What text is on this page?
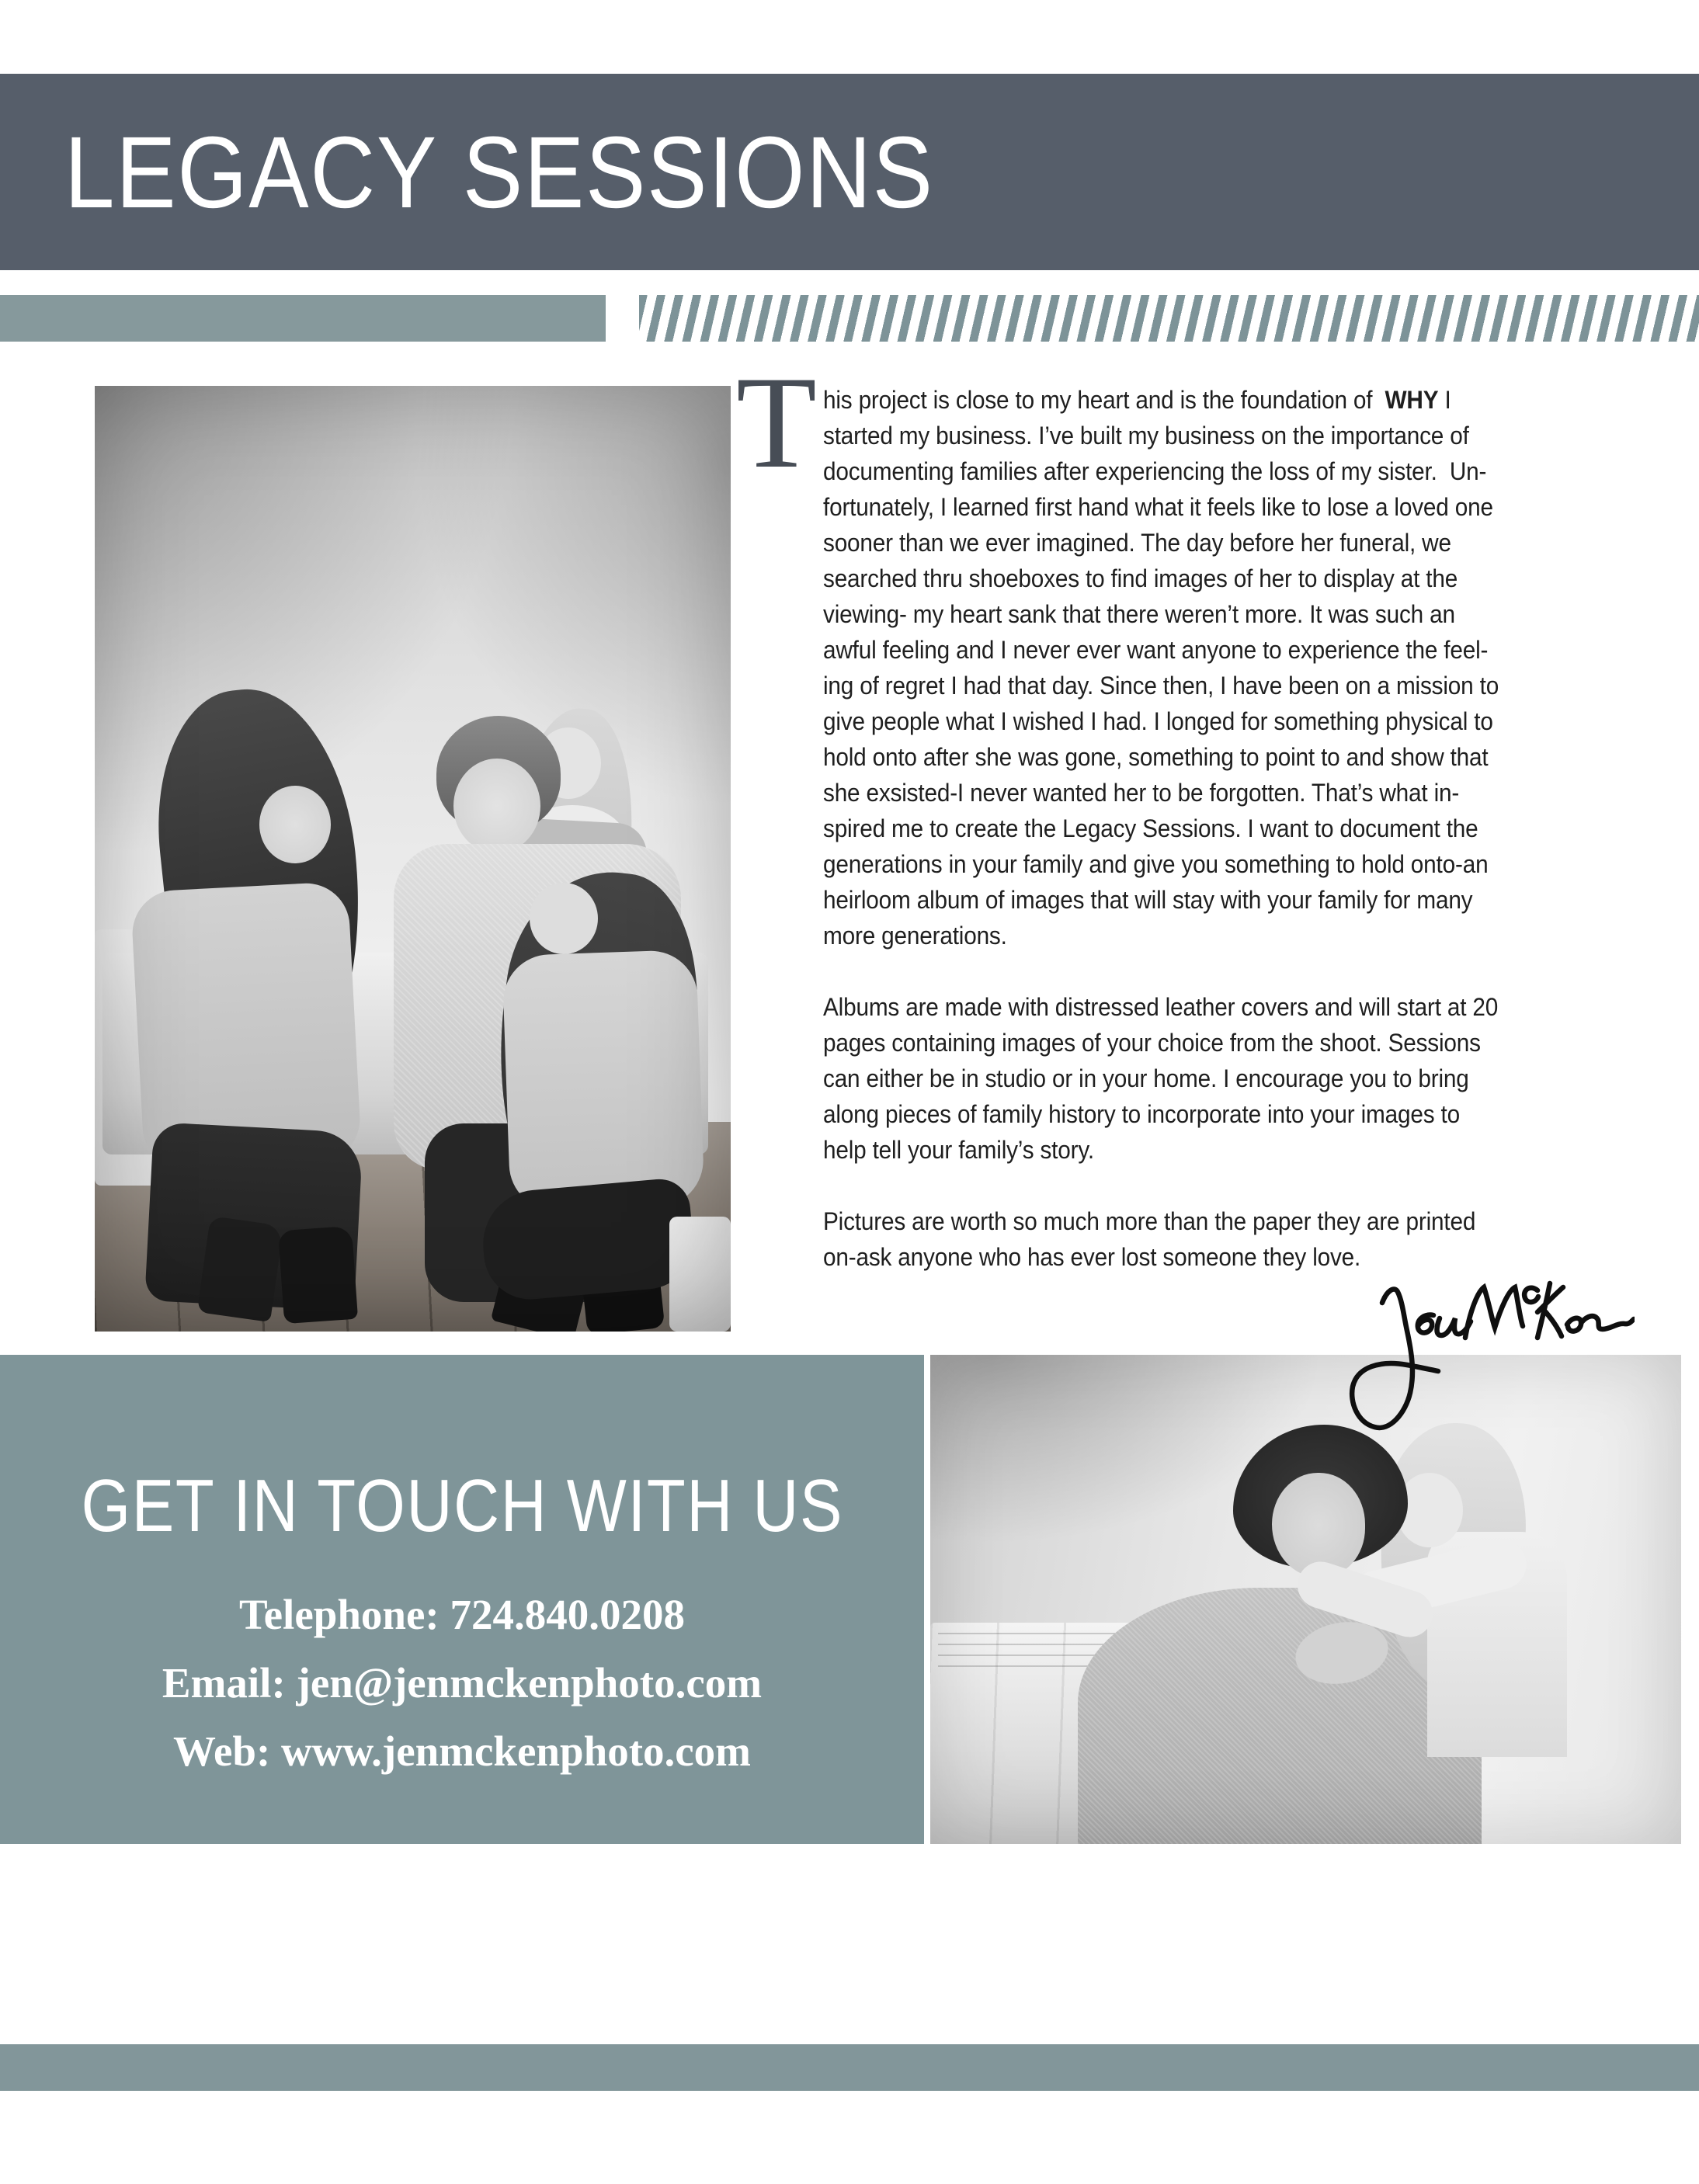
LEGACY SESSIONS
T his project is close to my heart and is the foundation of  WHY I
started my business. I’ve built my business on the importance of
documenting families after experiencing the loss of my sister.  Un-
fortunately, I learned first hand what it feels like to lose a loved one
sooner than we ever imagined. The day before her funeral, we
searched thru shoeboxes to find images of her to display at the
viewing- my heart sank that there weren’t more. It was such an
awful feeling and I never ever want anyone to experience the feel-
ing of regret I had that day. Since then, I have been on a mission to
give people what I wished I had. I longed for something physical to
hold onto after she was gone, something to point to and show that
she exsisted-I never wanted her to be forgotten. That’s what in-
spired me to create the Legacy Sessions. I want to document the
generations in your family and give you something to hold onto-an
heirloom album of images that will stay with your family for many
more generations.
Albums are made with distressed leather covers and will start at 20
pages containing images of your choice from the shoot. Sessions
can either be in studio or in your home. I encourage you to bring
along pieces of family history to incorporate into your images to
help tell your family’s story.
Pictures are worth so much more than the paper they are printed
on-ask anyone who has ever lost someone they love.
GET IN TOUCH WITH US
Telephone: 724.840.0208
Email: jen@jenmckenphoto.com
Web: www.jenmckenphoto.com
